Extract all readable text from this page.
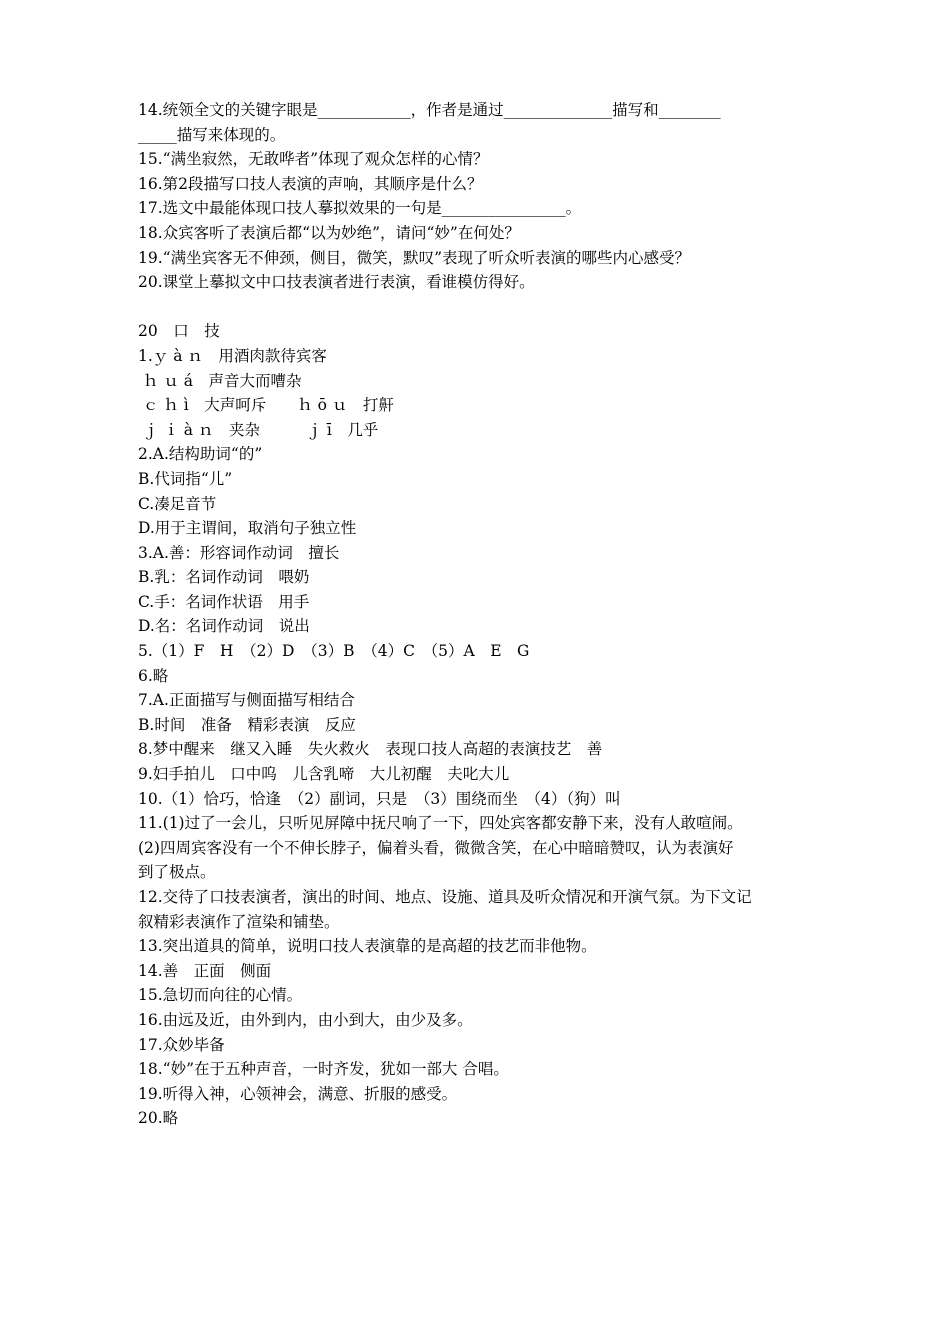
14.统领全文的关键字眼是____________，作者是通过______________描写和________
_____描写来体现的。
15.“满坐寂然，无敢哗者”体现了观众怎样的心情？
16.第2段描写口技人表演的声响，其顺序是什么？
17.选文中最能体现口技人摹拟效果的一句是________________。
18.众宾客听了表演后都“以为妙绝”，请问“妙”在何处？
19.“满坐宾客无不伸颈，侧目，微笑，默叹”表现了听众听表演的哪些内心感受？
20.课堂上摹拟文中口技表演者进行表演，看谁模仿得好。
20　口　技
1.ｙ à ｎ　用酒肉款待宾客
ｈ ｕ á　声音大而嘈杂
ｃ ｈ ì　大声呵斥　　ｈ ō ｕ　打鼾
ｊ ｉ à ｎ　夹杂　　　ｊ ī　几乎
2.A.结构助词“的”
B.代词指“儿”
C.凑足音节
D.用于主谓间，取消句子独立性
3.A.善：形容词作动词　擅长
B.乳：名词作动词　喂奶
C.手：名词作状语　用手
D.名：名词作动词　说出
5.（1）F　H　（2）D　（3）B　（4）C　（5）A　E　G
6.略
7.A.正面描写与侧面描写相结合
B.时间　准备　精彩表演　反应
8.梦中醒来　继又入睡　失火救火　表现口技人高超的表演技艺　善
9.妇手拍儿　口中呜　儿含乳啼　大儿初醒　夫叱大儿
10.（1）恰巧，恰逢　（2）副词，只是　（3）围绕而坐　（4）（狗）叫
11.(1)过了一会儿，只听见屏障中抚尺响了一下，四处宾客都安静下来，没有人敢喧闹。
(2)四周宾客没有一个不伸长脖子，偏着头看，微微含笑，在心中暗暗赞叹，认为表演好
到了极点。
12.交待了口技表演者，演出的时间、地点、设施、道具及听众情况和开演气氛。为下文记
叙精彩表演作了渲染和铺垫。
13.突出道具的简单，说明口技人表演靠的是高超的技艺而非他物。
14.善　正面　侧面
15.急切而向往的心情。
16.由远及近，由外到内，由小到大，由少及多。
17.众妙毕备
18.“妙”在于五种声音，一时齐发，犹如一部大 合唱。
19.听得入神，心领神会，满意、折服的感受。
20.略
